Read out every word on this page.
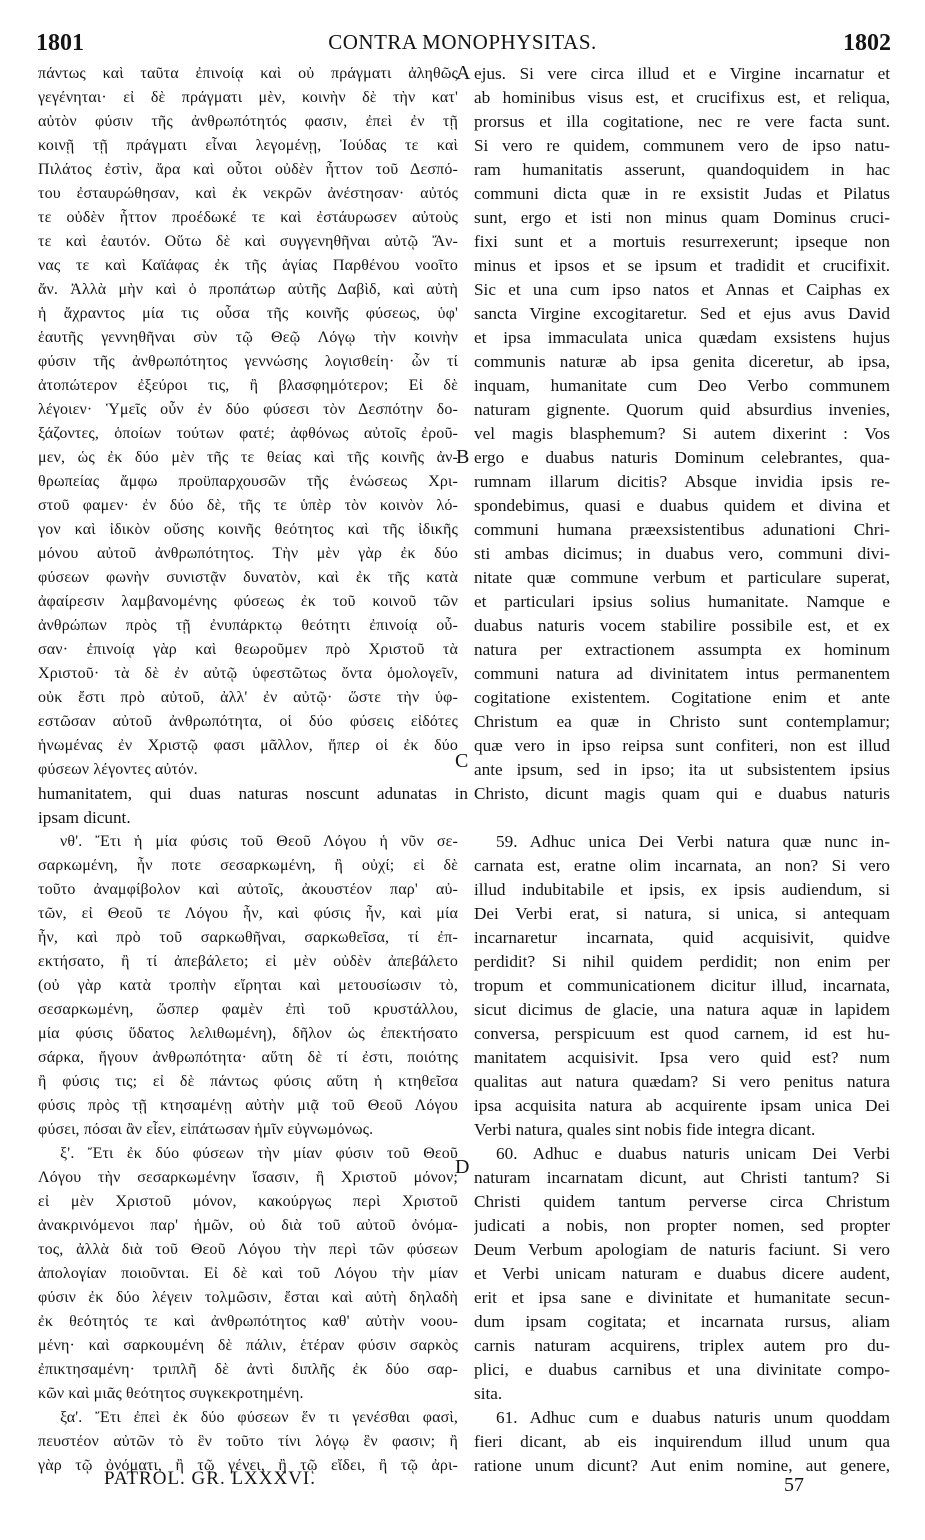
1801	CONTRA MONOPHYSITAS.	1802
πάντως καὶ ταῦτα ἐπινοίᾳ καὶ οὐ πράγματι ἀληθῶς
γεγένηται· εἰ δὲ πράγματι μὲν, κοινὴν δὲ τὴν κατ'
αὐτὸν φύσιν τῆς ἀνθρωπότητός φασιν, ἐπεὶ ἐν τῇ
κοινῇ τῇ πράγματι εἶναι λεγομένῃ, Ἰούδας τε καὶ
Πιλάτος ἐστὶν, ἄρα καὶ οὗτοι οὐδὲν ἧττον τοῦ Δεσπό-
του ἐσταυρώθησαν, καὶ ἐκ νεκρῶν ἀνέστησαν· αὐτός
τε οὐδὲν ἧττον προέδωκέ τε καὶ ἐστάυρωσεν αὐτοὺς
τε καὶ ἑαυτόν. Οὕτω δὲ καὶ συγγενηθῆναι αὐτῷ Ἄν-
νας τε καὶ Καϊάφας ἐκ τῆς ἁγίας Παρθένου νοοῖτο
ἄν. Ἀλλὰ μὴν καὶ ὁ προπάτωρ αὐτῆς Δαβὶδ, καὶ αὐτὴ
ἡ ἄχραντος μία τις οὖσα τῆς κοινῆς φύσεως, ὑφ'
ἑαυτῆς γεννηθῆναι σὺν τῷ Θεῷ Λόγῳ τὴν κοινὴν
φύσιν τῆς ἀνθρωπότητος γεννώσης λογισθείη· ὧν τί
ἀτοπώτερον ἐξεύροι τις, ἢ βλασφημότερον; Εἰ δὲ
λέγοιεν· Ὑμεῖς οὖν ἐν δύο φύσεσι τὸν Δεσπότην δο-
ξάζοντες, ὁποίων τούτων φατέ; ἀφθόνως αὐτοῖς ἐροῦ-
μεν, ὡς ἐκ δύο μὲν τῆς τε θείας καὶ τῆς κοινῆς ἀν-
θρωπείας ἄμφω προϋπαρχουσῶν τῆς ἑνώσεως Χρι-
στοῦ φαμεν· ἐν δύο δὲ, τῆς τε ὑπὲρ τὸν κοινὸν λό-
γον καὶ ἰδικὸν οὔσης κοινῆς θεότητος καὶ τῆς ἰδικῆς
μόνου αὐτοῦ ἀνθρωπότητος. Τὴν μὲν γὰρ ἐκ δύο
φύσεων φωνὴν συνιστᾷν δυνατὸν, καὶ ἐκ τῆς κατὰ
ἀφαίρεσιν λαμβανομένης φύσεως ἐκ τοῦ κοινοῦ τῶν
ἀνθρώπων πρὸς τῇ ἐνυπάρκτῳ θεότητι ἐπινοίᾳ οὖ-
σαν· ἐπινοίᾳ γὰρ καὶ θεωροῦμεν πρὸ Χριστοῦ τὰ
Χριστοῦ· τὰ δὲ ἐν αὐτῷ ὑφεστῶτως ὄντα ὁμολογεῖν,
οὐκ ἔστι πρὸ αὐτοῦ, ἀλλ' ἐν αὐτῷ· ὥστε τὴν ὑφ-
εστῶσαν αὐτοῦ ἀνθρωπότητα, οἱ δύο φύσεις εἰδότες
ἡνωμένας ἐν Χριστῷ φασι μᾶλλον, ἤπερ οἱ ἐκ δύο
φύσεων λέγοντες αὐτόν.
ejus. Si vere circa illud et e Virgine incarnatur et
ab hominibus visus est, et crucifixus est, et reliqua,
prorsus et illa cogitatione, nec re vere facta sunt.
Si vero re quidem, communem vero de ipso natu-
ram humanitatis asserunt, quandoquidem in hac
communi dicta quæ in re exsistit Judas et Pilatus
sunt, ergo et isti non minus quam Dominus cruci-
fixi sunt et a mortuis resurrexerunt; ipseque non
minus et ipsos et se ipsum et tradidit et crucifixit.
Sic et una cum ipso natos et Annas et Caiphas ex
sancta Virgine excogitaretur. Sed et ejus avus David
et ipsa immaculata unica quædam exsistens hujus
communis naturæ ab ipsa genita diceretur, ab ipsa,
inquam, humanitate cum Deo Verbo communem
naturam gignente. Quorum quid absurdius invenies,
vel magis blasphemum? Si autem dixerint : Vos
ergo e duabus naturis Dominum celebrantes, qua-
rumnam illarum dicitis? Absque invidia ipsis re-
spondebimus, quasi e duabus quidem et divina et
communi humana præexsistentibus adunationi Chri-
sti ambas dicimus; in duabus vero, communi divi-
nitate quæ commune verbum et particulare superat,
et particulari ipsius solius humanitate. Namque e
duabus naturis vocem stabilire possibile est, et ex
natura per extractionem assumpta ex hominum
communi natura ad divinitatem intus permanentem
cogitatione existentem. Cogitatione enim et ante
Christum ea quæ in Christo sunt contemplamur;
quæ vero in ipso reipsa sunt confiteri, non est illud
ante ipsum, sed in ipso; ita ut subsistentem ipsius
A
B
C
D
humanitatem, qui duas naturas noscunt adunatas in Christo, dicunt magis quam qui e duabus naturis
ipsam dicunt.
νθ'. Ἔτι ἡ μία φύσις τοῦ Θεοῦ Λόγου ἡ νῦν σε-
σαρκωμένη, ἦν ποτε σεσαρκωμένη, ἢ οὐχί; εἰ δὲ
τοῦτο ἀναμφίβολον καὶ αὐτοῖς, ἀκουστέον παρ' αὐ-
τῶν, εἰ Θεοῦ τε Λόγου ἦν, καὶ φύσις ἦν, καὶ μία
ἦν, καὶ πρὸ τοῦ σαρκωθῆναι, σαρκωθεῖσα, τί ἐπ-
εκτήσατο, ἢ τί ἀπεβάλετο; εἰ μὲν οὐδὲν ἀπεβάλετο
(οὐ γὰρ κατὰ τροπὴν εἴρηται καὶ μετουσίωσιν τὸ,
σεσαρκωμένη, ὥσπερ φαμὲν ἐπὶ τοῦ κρυστάλλου,
μία φύσις ὕδατος λελιθωμένη), δῆλον ὡς ἐπεκτήσατο
σάρκα, ἤγουν ἀνθρωπότητα· αὕτη δὲ τί ἐστι, ποιότης
ἢ φύσις τις; εἰ δὲ πάντως φύσις αὕτη ἡ κτηθεῖσα
φύσις πρὸς τῇ κτησαμένῃ αὐτὴν μιᾷ τοῦ Θεοῦ Λόγου
φύσει, πόσαι ἂν εἶεν, εἰπάτωσαν ἡμῖν εὐγνωμόνως.
ξ'. Ἔτι ἐκ δύο φύσεων τὴν μίαν φύσιν τοῦ Θεοῦ
Λόγου τὴν σεσαρκωμένην ἴσασιν, ἢ Χριστοῦ μόνον;
εἰ μὲν Χριστοῦ μόνον, κακούργως περὶ Χριστοῦ
ἀνακρινόμενοι παρ' ἡμῶν, οὐ διὰ τοῦ αὐτοῦ ὀνόμα-
τος, ἀλλὰ διὰ τοῦ Θεοῦ Λόγου τὴν περὶ τῶν φύσεων
ἀπολογίαν ποιοῦνται. Εἰ δὲ καὶ τοῦ Λόγου τὴν μίαν
φύσιν ἐκ δύο λέγειν τολμῶσιν, ἔσται καὶ αὐτὴ δηλαδὴ
ἐκ θεότητός τε καὶ ἀνθρωπότητος καθ' αὐτὴν νοου-
μένη· καὶ σαρκουμένη δὲ πάλιν, ἑτέραν φύσιν σαρκὸς
ἐπικτησαμένη· τριπλῆ δὲ ἀντὶ διπλῆς ἐκ δύο σαρ-
κῶν καὶ μιᾶς θεότητος συγκεκροτημένη.
ξα'. Ἔτι ἐπεὶ ἐκ δύο φύσεων ἕν τι γενέσθαι φασὶ,
πευστέον αὐτῶν τὸ ἓν τοῦτο τίνι λόγῳ ἓν φασιν; ἢ
γὰρ τῷ ὀνόματι, ἢ τῷ γένει, ἢ τῷ εἴδει, ἢ τῷ ἀρι-
59. Adhuc unica Dei Verbi natura quæ nunc in-
carnata est, eratne olim incarnata, an non? Si vero
illud indubitabile et ipsis, ex ipsis audiendum, si
Dei Verbi erat, si natura, si unica, si antequam
incarnaretur incarnata, quid acquisivit, quidve
perdidit? Si nihil quidem perdidit; non enim per
tropum et communicationem dicitur illud, incarnata,
sicut dicimus de glacie, una natura aquæ in lapidem
conversa, perspicuum est quod carnem, id est hu-
manitatem acquisivit. Ipsa vero quid est? num
qualitas aut natura quædam? Si vero penitus natura
ipsa acquisita natura ab acquirente ipsam unica Dei
Verbi natura, quales sint nobis fide integra dicant.
60. Adhuc e duabus naturis unicam Dei Verbi
naturam incarnatam dicunt, aut Christi tantum? Si
Christi quidem tantum perverse circa Christum
judicati a nobis, non propter nomen, sed propter
Deum Verbum apologiam de naturis faciunt. Si vero
et Verbi unicam naturam e duabus dicere audent,
erit et ipsa sane e divinitate et humanitate secun-
dum ipsam cogitata; et incarnata rursus, aliam
carnis naturam acquirens, triplex autem pro du-
plici, e duabus carnibus et una divinitate compo-
sita.
61. Adhuc cum e duabus naturis unum quoddam
fieri dicant, ab eis inquirendum illud unum qua
ratione unum dicunt? Aut enim nomine, aut genere,
PATROL. GR. LXXXVI.	57
